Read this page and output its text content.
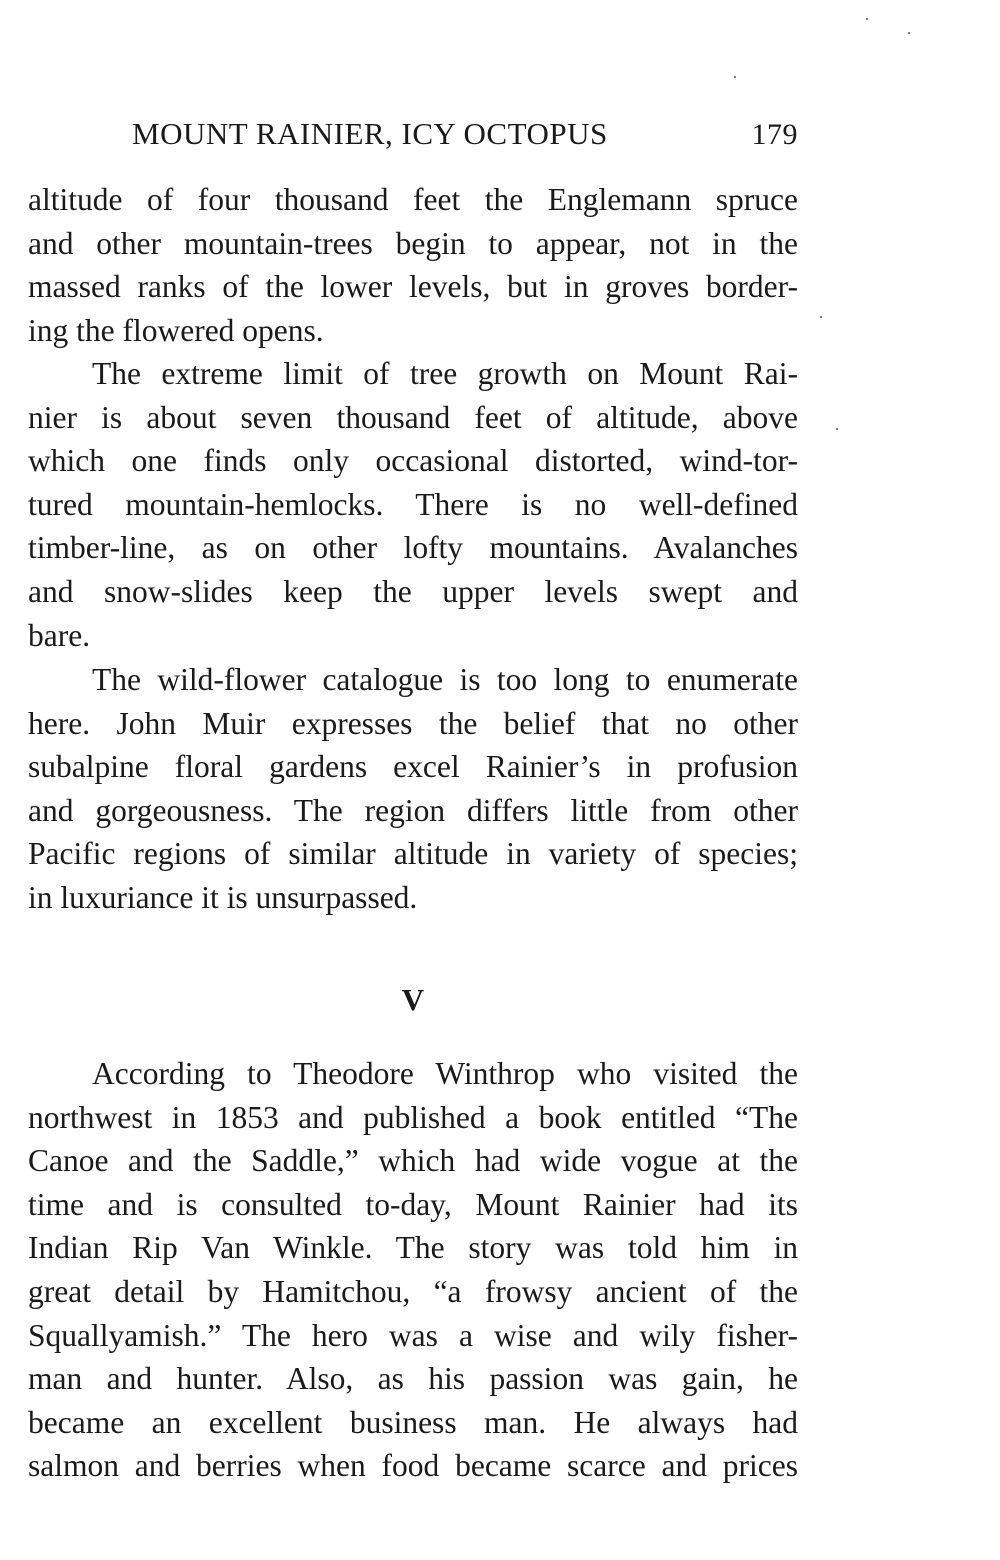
MOUNT RAINIER, ICY OCTOPUS	179
altitude of four thousand feet the Englemann spruce
and other mountain-trees begin to appear, not in the
massed ranks of the lower levels, but in groves border-
ing the flowered opens.
The extreme limit of tree growth on Mount Rai-
nier is about seven thousand feet of altitude, above
which one finds only occasional distorted, wind-tor-
tured mountain-hemlocks. There is no well-defined
timber-line, as on other lofty mountains. Avalanches
and snow-slides keep the upper levels swept and
bare.
The wild-flower catalogue is too long to enumerate
here. John Muir expresses the belief that no other
subalpine floral gardens excel Rainier’s in profusion
and gorgeousness. The region differs little from other
Pacific regions of similar altitude in variety of species;
in luxuriance it is unsurpassed.
V
According to Theodore Winthrop who visited the
northwest in 1853 and published a book entitled “The
Canoe and the Saddle,” which had wide vogue at the
time and is consulted to-day, Mount Rainier had its
Indian Rip Van Winkle. The story was told him in
great detail by Hamitchou, “a frowsy ancient of the
Squallyamish.” The hero was a wise and wily fisher-
man and hunter. Also, as his passion was gain, he
became an excellent business man. He always had
salmon and berries when food became scarce and prices
